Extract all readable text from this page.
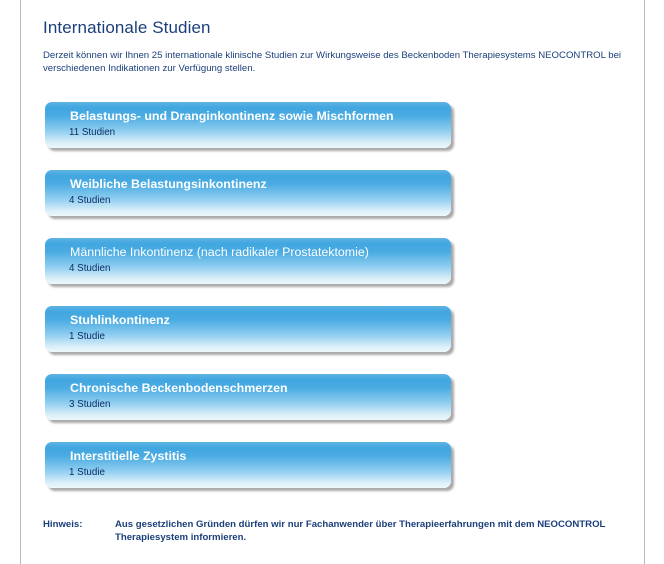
Internationale Studien

Derzeit können wir Ihnen 25 internationale klinische Studien zur Wirkungsweise des Beckenboden Therapiesystems NEOCONTROL bei verschiedenen Indikationen zur Verfügung stellen.

Belastungs- und Dranginkontinenz sowie Mischformen
11 Studien
Weibliche Belastungsinkontinenz
4 Studien
Männliche Inkontinenz (nach radikaler Prostatektomie)
4 Studien
Stuhlinkontinenz
1 Studie
Chronische Beckenbodenschmerzen
3 Studien
Interstitielle Zystitis
1 Studie
Hinweis:	Aus gesetzlichen Gründen dürfen wir nur Fachanwender über Therapieerfahrungen mit dem NEOCONTROL Therapiesystem informieren.
